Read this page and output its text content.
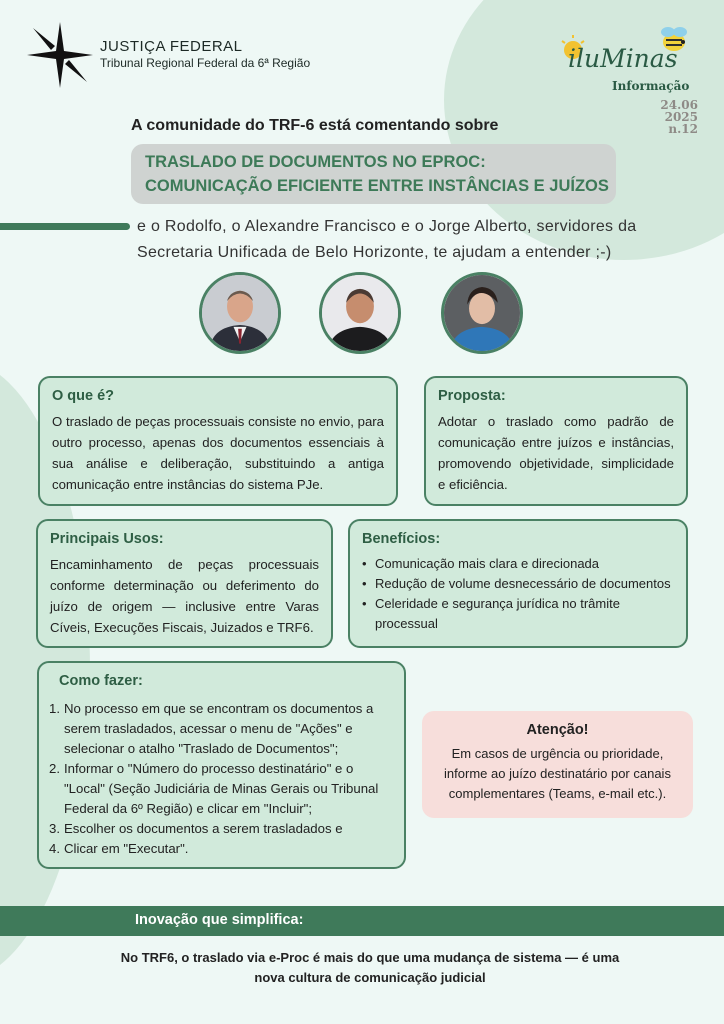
JUSTIÇA FEDERAL
Tribunal Regional Federal da 6ª Região	iluMinas
Informação
24.06
2025
n.12
A comunidade do TRF-6 está comentando sobre
TRASLADO DE DOCUMENTOS NO EPROC:
COMUNICAÇÃO EFICIENTE ENTRE INSTÂNCIAS E JUÍZOS
e o Rodolfo, o Alexandre Francisco e o Jorge Alberto, servidores da Secretaria Unificada de Belo Horizonte, te ajudam a entender ;-)
O que é?
O traslado de peças processuais consiste no envio, para outro processo, apenas dos documentos essenciais à sua análise e deliberação, substituindo a antiga comunicação entre instâncias do sistema PJe.
Proposta:
Adotar o traslado como padrão de comunicação entre juízos e instâncias, promovendo objetividade, simplicidade e eficiência.
Principais Usos:
Encaminhamento de peças processuais conforme determinação ou deferimento do juízo de origem — inclusive entre Varas Cíveis, Execuções Fiscais, Juizados e TRF6.
Benefícios:
• Comunicação mais clara e direcionada
• Redução de volume desnecessário de documentos
• Celeridade e segurança jurídica no trâmite processual
Como fazer:
1. No processo em que se encontram os documentos a serem trasladados, acessar o menu de "Ações" e selecionar o atalho "Traslado de Documentos";
2. Informar o "Número do processo destinatário" e o "Local" (Seção Judiciária de Minas Gerais ou Tribunal Federal da 6º Região) e clicar em "Incluir";
3. Escolher os documentos a serem trasladados e
4. Clicar em "Executar".
Atenção!
Em casos de urgência ou prioridade, informe ao juízo destinatário por canais complementares (Teams, e-mail etc.).
Inovação que simplifica:
No TRF6, o traslado via e-Proc é mais do que uma mudança de sistema — é uma nova cultura de comunicação judicial
